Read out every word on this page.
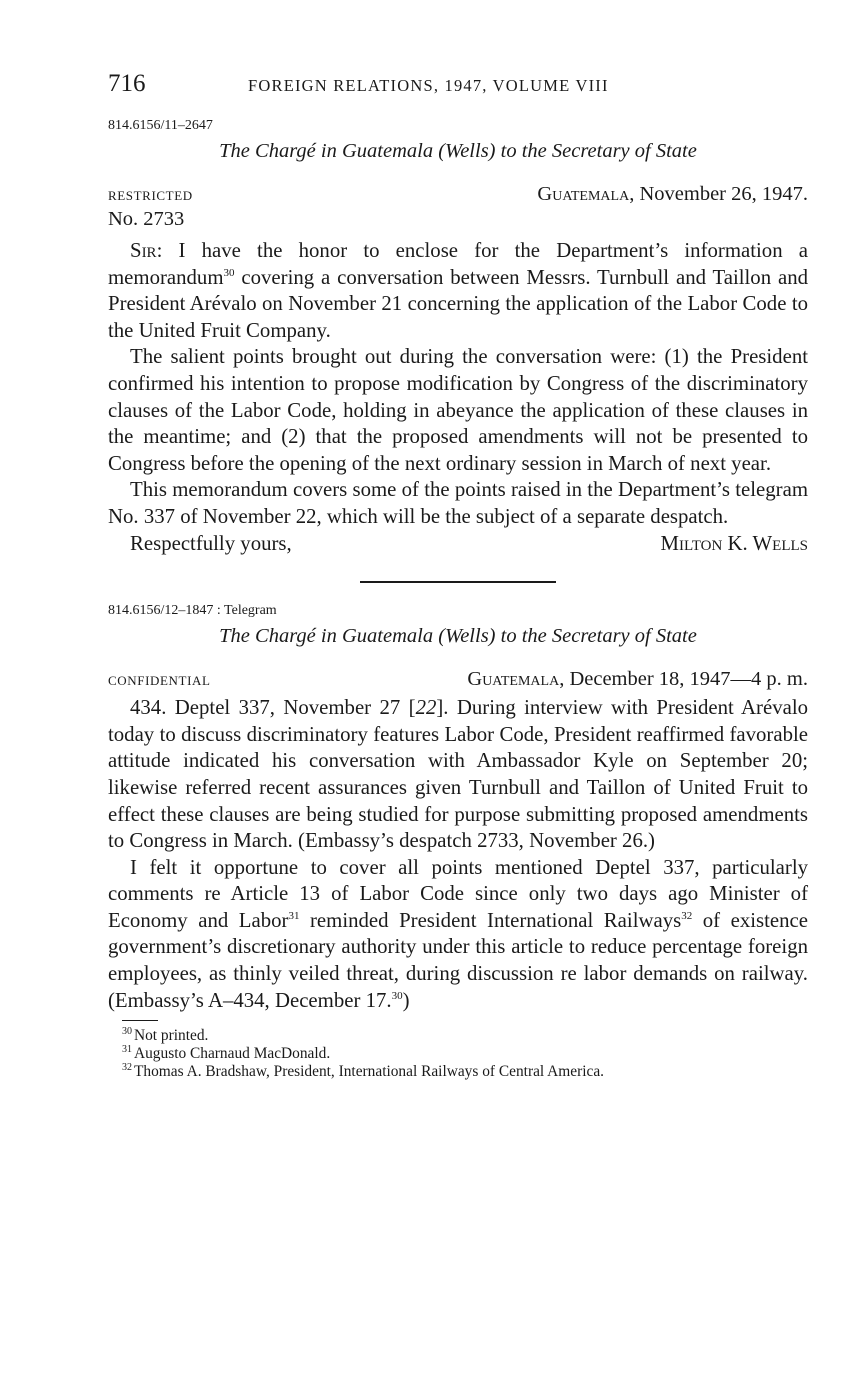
716	FOREIGN RELATIONS, 1947, VOLUME VIII
814.6156/11–2647
The Chargé in Guatemala (Wells) to the Secretary of State
RESTRICTED	Guatemala, November 26, 1947.
No. 2733

Sir: I have the honor to enclose for the Department’s information a memorandum$^{30}$ covering a conversation between Messrs. Turnbull and Taillon and President Arévalo on November 21 concerning the application of the Labor Code to the United Fruit Company.

The salient points brought out during the conversation were: (1) the President confirmed his intention to propose modification by Congress of the discriminatory clauses of the Labor Code, holding in abeyance the application of these clauses in the meantime; and (2) that the proposed amendments will not be presented to Congress before the opening of the next ordinary session in March of next year.

This memorandum covers some of the points raised in the Department’s telegram No. 337 of November 22, which will be the subject of a separate despatch.

Respectfully yours,	Milton K. Wells
814.6156/12–1847 : Telegram
The Chargé in Guatemala (Wells) to the Secretary of State
CONFIDENTIAL	Guatemala, December 18, 1947—4 p. m.

434. Deptel 337, November 27 [22]. During interview with President Arévalo today to discuss discriminatory features Labor Code, President reaffirmed favorable attitude indicated his conversation with Ambassador Kyle on September 20; likewise referred recent assurances given Turnbull and Taillon of United Fruit to effect these clauses are being studied for purpose submitting proposed amendments to Congress in March. (Embassy’s despatch 2733, November 26.)

I felt it opportune to cover all points mentioned Deptel 337, particularly comments re Article 13 of Labor Code since only two days ago Minister of Economy and Labor$^{31}$ reminded President International Railways$^{32}$ of existence government’s discretionary authority under this article to reduce percentage foreign employees, as thinly veiled threat, during discussion re labor demands on railway. (Embassy’s A–434, December 17.30)

$^{30}$ Not printed.
$^{31}$ Augusto Charnaud MacDonald.
$^{32}$ Thomas A. Bradshaw, President, International Railways of Central America.
